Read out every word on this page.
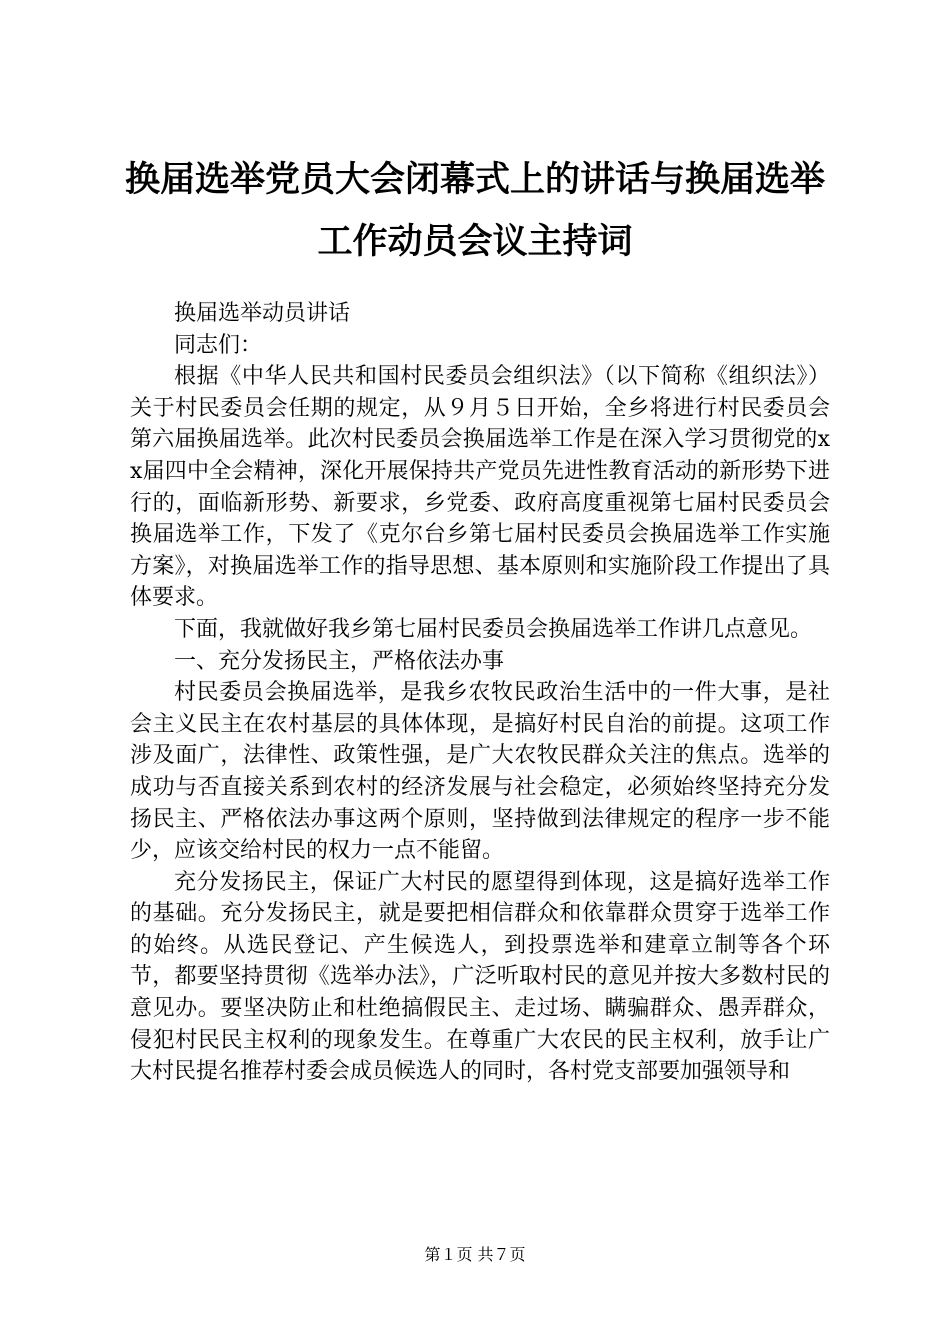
换届选举党员大会闭幕式上的讲话与换届选举
工作动员会议主持词

换届选举动员讲话

同志们：

根据《中华人民共和国村民委员会组织法》（以下简称《组织法》）关于村民委员会任期的规定，从９月５日开始，全乡将进行村民委员会第六届换届选举。此次村民委员会换届选举工作是在深入学习贯彻党的xx届四中全会精神，深化开展保持共产党员先进性教育活动的新形势下进行的，面临新形势、新要求，乡党委、政府高度重视第七届村民委员会换届选举工作，下发了《克尔台乡第七届村民委员会换届选举工作实施方案》，对换届选举工作的指导思想、基本原则和实施阶段工作提出了具体要求。

下面，我就做好我乡第七届村民委员会换届选举工作讲几点意见。

一、充分发扬民主，严格依法办事

村民委员会换届选举，是我乡农牧民政治生活中的一件大事，是社会主义民主在农村基层的具体体现，是搞好村民自治的前提。这项工作涉及面广，法律性、政策性强，是广大农牧民群众关注的焦点。选举的成功与否直接关系到农村的经济发展与社会稳定，必须始终坚持充分发扬民主、严格依法办事这两个原则，坚持做到法律规定的程序一步不能少，应该交给村民的权力一点不能留。

充分发扬民主，保证广大村民的愿望得到体现，这是搞好选举工作的基础。充分发扬民主，就是要把相信群众和依靠群众贯穿于选举工作的始终。从选民登记、产生候选人，到投票选举和建章立制等各个环节，都要坚持贯彻《选举办法》，广泛听取村民的意见并按大多数村民的意见办。要坚决防止和杜绝搞假民主、走过场、瞒骗群众、愚弄群众，侵犯村民民主权利的现象发生。在尊重广大农民的民主权利，放手让广大村民提名推荐村委会成员候选人的同时，各村党支部要加强领导和

第１页 共７页
